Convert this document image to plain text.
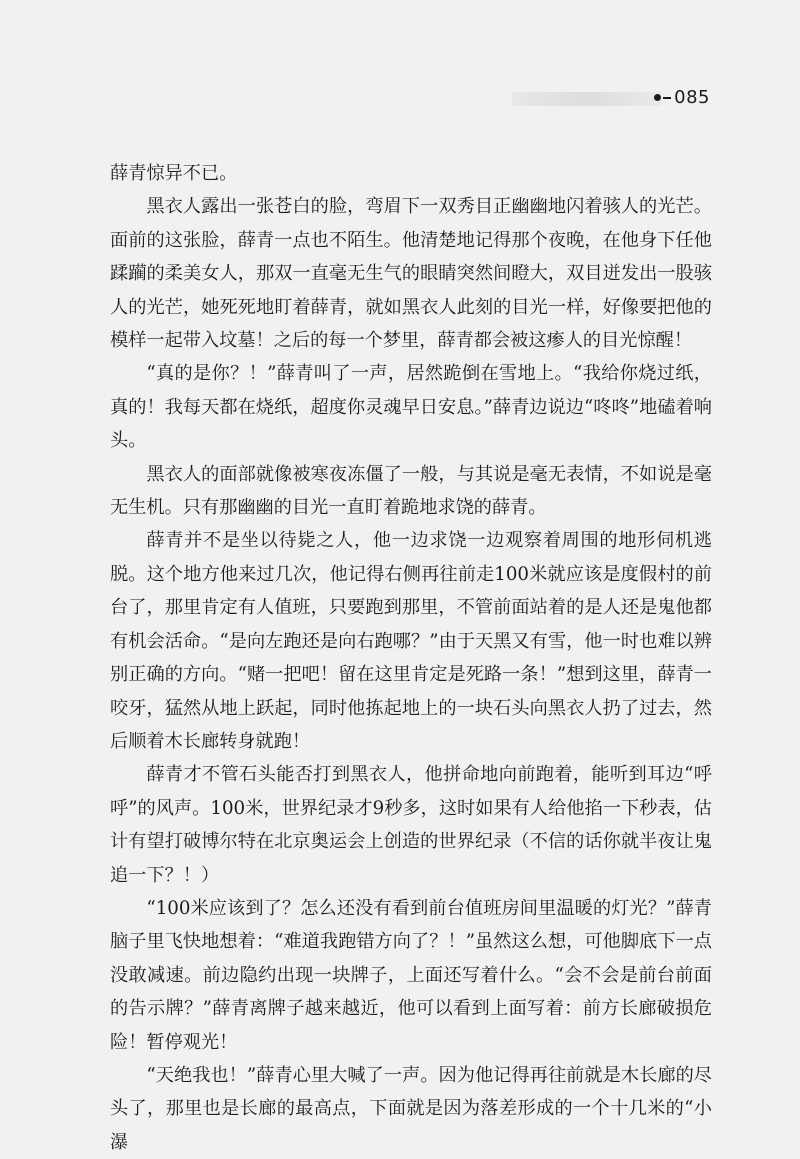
085

薛青惊异不已。

黑衣人露出一张苍白的脸，弯眉下一双秀目正幽幽地闪着骇人的光芒。面前的这张脸，薛青一点也不陌生。他清楚地记得那个夜晚，在他身下任他蹂躏的柔美女人，那双一直毫无生气的眼睛突然间瞪大，双目迸发出一股骇人的光芒，她死死地盯着薛青，就如黑衣人此刻的目光一样，好像要把他的模样一起带入坟墓！之后的每一个梦里，薛青都会被这瘆人的目光惊醒！

“真的是你？！”薛青叫了一声，居然跪倒在雪地上。“我给你烧过纸，真的！我每天都在烧纸，超度你灵魂早日安息。”薛青边说边“咚咚”地磕着响头。

黑衣人的面部就像被寒夜冻僵了一般，与其说是毫无表情，不如说是毫无生机。只有那幽幽的目光一直盯着跪地求饶的薛青。

薛青并不是坐以待毙之人，他一边求饶一边观察着周围的地形伺机逃脱。这个地方他来过几次，他记得右侧再往前走100米就应该是度假村的前台了，那里肯定有人值班，只要跑到那里，不管前面站着的是人还是鬼他都有机会活命。“是向左跑还是向右跑哪？”由于天黑又有雪，他一时也难以辨别正确的方向。“赌一把吧！留在这里肯定是死路一条！”想到这里，薛青一咬牙，猛然从地上跃起，同时他拣起地上的一块石头向黑衣人扔了过去，然后顺着木长廊转身就跑！

薛青才不管石头能否打到黑衣人，他拼命地向前跑着，能听到耳边“呼呼”的风声。100米，世界纪录才9秒多，这时如果有人给他掐一下秒表，估计有望打破博尔特在北京奥运会上创造的世界纪录（不信的话你就半夜让鬼追一下？！）

“100米应该到了？怎么还没有看到前台值班房间里温暖的灯光？”薛青脑子里飞快地想着：“难道我跑错方向了？！”虽然这么想，可他脚底下一点没敢减速。前边隐约出现一块牌子，上面还写着什么。“会不会是前台前面的告示牌？”薛青离牌子越来越近，他可以看到上面写着：前方长廊破损危险！暂停观光！

“天绝我也！”薛青心里大喊了一声。因为他记得再往前就是木长廊的尽头了，那里也是长廊的最高点，下面就是因为落差形成的一个十几米的“小瀑
